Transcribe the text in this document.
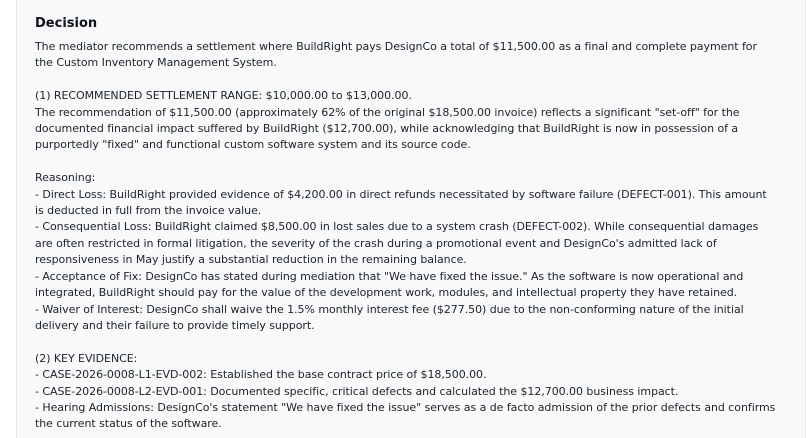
Decision
The mediator recommends a settlement where BuildRight pays DesignCo a total of $11,500.00 as a final and complete payment for the Custom Inventory Management System.

(1) RECOMMENDED SETTLEMENT RANGE: $10,000.00 to $13,000.00.
The recommendation of $11,500.00 (approximately 62% of the original $18,500.00 invoice) reflects a significant "set-off" for the documented financial impact suffered by BuildRight ($12,700.00), while acknowledging that BuildRight is now in possession of a purportedly "fixed" and functional custom software system and its source code.

Reasoning:
- Direct Loss: BuildRight provided evidence of $4,200.00 in direct refunds necessitated by software failure (DEFECT-001). This amount is deducted in full from the invoice value.
- Consequential Loss: BuildRight claimed $8,500.00 in lost sales due to a system crash (DEFECT-002). While consequential damages are often restricted in formal litigation, the severity of the crash during a promotional event and DesignCo's admitted lack of responsiveness in May justify a substantial reduction in the remaining balance.
- Acceptance of Fix: DesignCo has stated during mediation that "We have fixed the issue." As the software is now operational and integrated, BuildRight should pay for the value of the development work, modules, and intellectual property they have retained.
- Waiver of Interest: DesignCo shall waive the 1.5% monthly interest fee ($277.50) due to the non-conforming nature of the initial delivery and their failure to provide timely support.

(2) KEY EVIDENCE:
- CASE-2026-0008-L1-EVD-002: Established the base contract price of $18,500.00.
- CASE-2026-0008-L2-EVD-001: Documented specific, critical defects and calculated the $12,700.00 business impact.
- Hearing Admissions: DesignCo's statement "We have fixed the issue" serves as a de facto admission of the prior defects and confirms the current status of the software.
